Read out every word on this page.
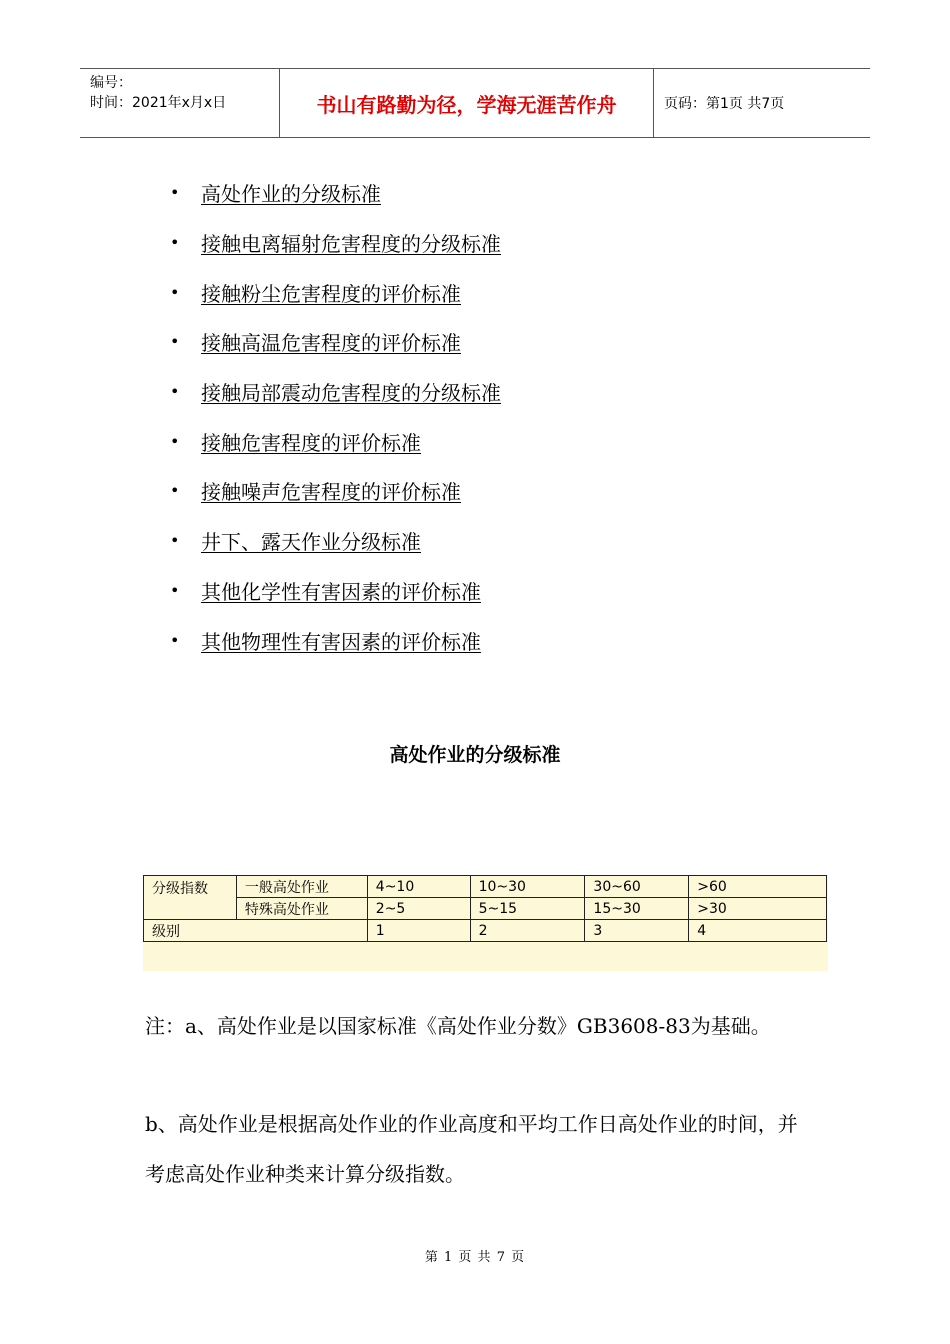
编号：
时间：2021年x月x日	书山有路勤为径，学海无涯苦作舟	页码：第1页 共7页
• 高处作业的分级标准
• 接触电离辐射危害程度的分级标准
• 接触粉尘危害程度的评价标准
• 接触高温危害程度的评价标准
• 接触局部震动危害程度的分级标准
• 接触危害程度的评价标准
• 接触噪声危害程度的评价标准
• 井下、露天作业分级标准
• 其他化学性有害因素的评价标准
• 其他物理性有害因素的评价标准
高处作业的分级标准
分级指数	一般高处作业	4~10	10~30	30~60	>60
	特殊高处作业	2~5	5~15	15~30	>30
级别		1	2	3	4

注：a、高处作业是以国家标准《高处作业分数》GB3608-83为基础。

b、高处作业是根据高处作业的作业高度和平均工作日高处作业的时间，并考虑高处作业种类来计算分级指数。

第 1 页 共 7 页
